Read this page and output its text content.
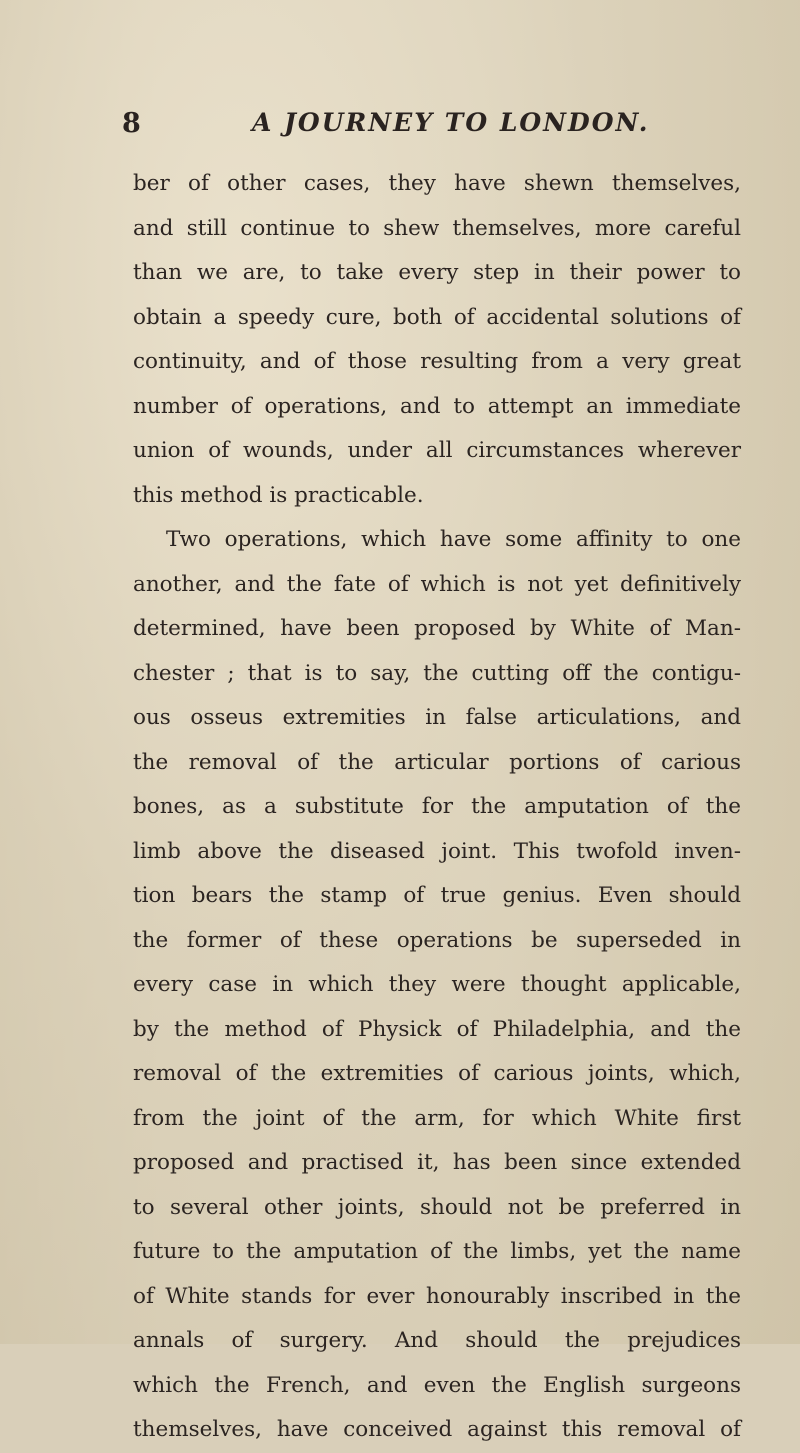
8	A JOURNEY TO LONDON.
ber of other cases, they have shewn themselves,
and still continue to shew themselves, more careful
than we are, to take every step in their power to
obtain a speedy cure, both of accidental solutions of
continuity, and of those resulting from a very great
number of operations, and to attempt an immediate
union of wounds, under all circumstances wherever
this method is practicable.
Two operations, which have some affinity to one
another, and the fate of which is not yet definitively
determined, have been proposed by White of Man-
chester ; that is to say, the cutting off the contigu-
ous osseus extremities in false articulations, and
the removal of the articular portions of carious
bones, as a substitute for the amputation of the
limb above the diseased joint. This twofold inven-
tion bears the stamp of true genius. Even should
the former of these operations be superseded in
every case in which they were thought applicable,
by the method of Physick of Philadelphia, and the
removal of the extremities of carious joints, which,
from the joint of the arm, for which White first
proposed and practised it, has been since extended
to several other joints, should not be preferred in
future to the amputation of the limbs, yet the name
of White stands for ever honourably inscribed in the
annals of surgery. And should the prejudices
which the French, and even the English surgeons
themselves, have conceived against this removal of
